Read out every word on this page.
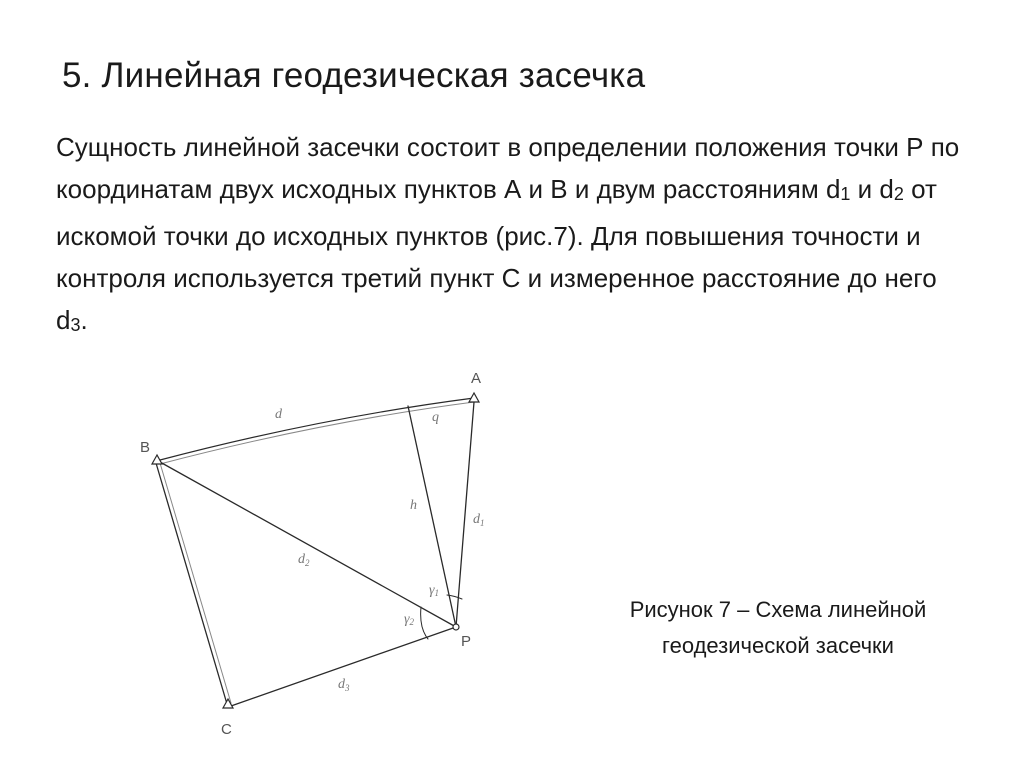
5. Линейная геодезическая засечка

Сущность линейной засечки состоит в определении положения точки Р по координатам двух исходных пунктов А и В и двум расстояниям $d_1$ и $d_2$ от искомой точки до исходных пунктов (рис.7). Для повышения точности и контроля используется третий пункт С и измеренное расстояние до него $d_3$.

A
B
C
P
d	q
h
$d_1$
$d_2$
$d_3$
γ1
γ2	Рисунок 7 – Схема линейной
геодезической засечки
